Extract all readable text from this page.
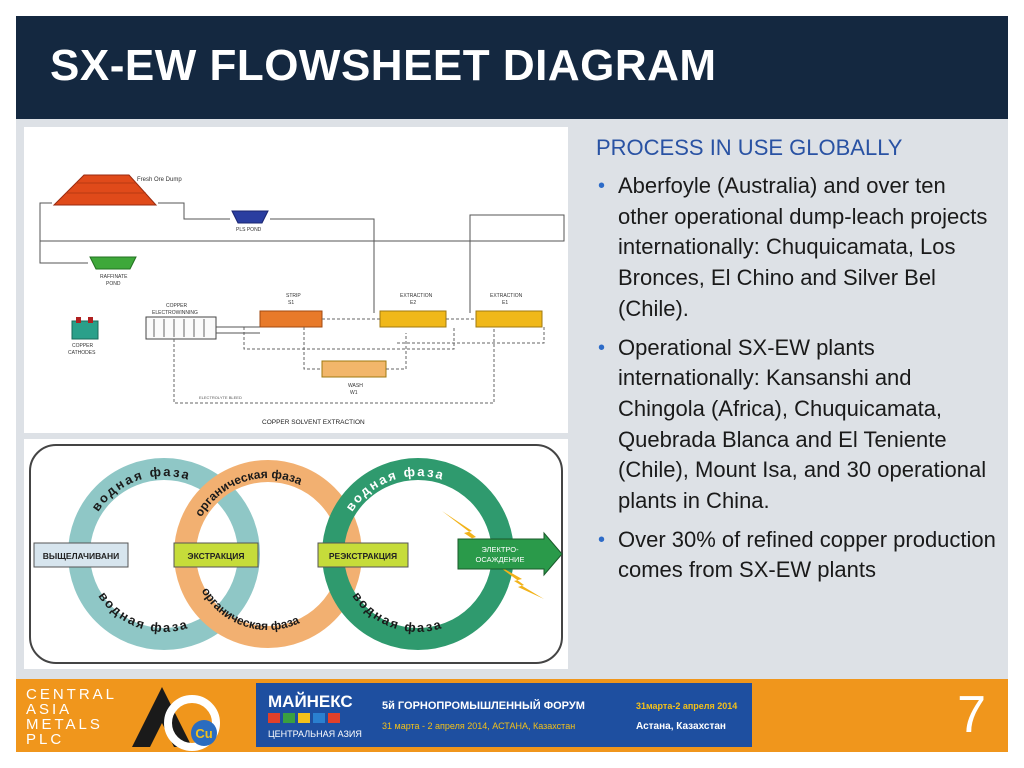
SX-EW FLOWSHEET DIAGRAM
Fresh Ore Dump
PLS POND
RAFFINATE
POND
COPPER
ELECTROWINNING
COPPER
CATHODES
STRIP
S1
EXTRACTION
E2
EXTRACTION
E1
WASH
W1
ELECTROLYTE BLEED
COPPER SOLVENT EXTRACTION
водная фаза
водная фаза
органическая фаза
органическая фаза
водная фаза
водная фаза
ВЫЩЕЛАЧИВАНИ	ЭКСТРАКЦИЯ	РЕЭКСТРАКЦИЯ
ЭЛЕКТРО-
ОСАЖДЕНИЕ
PROCESS IN USE GLOBALLY
• Aberfoyle (Australia) and over ten other operational dump-leach projects internationally: Chuquicamata, Los Bronces, El Chino and Silver Bel (Chile).
• Operational SX-EW plants internationally: Kansanshi and Chingola (Africa), Chuquicamata, Quebrada Blanca and El Teniente (Chile), Mount Isa, and 30 operational plants in China.
• Over 30% of refined copper production comes from SX-EW plants
CENTRAL
ASIA
METALS
PLC	Cu
МАЙНЕКС
ЦЕНТРАЛЬНАЯ АЗИЯ
5й ГОРНОПРОМЫШЛЕННЫЙ ФОРУМ
31 марта - 2 апреля 2014, АСТАНА, Казахстан
31марта-2 апреля 2014
Астана, Казахстан	7
